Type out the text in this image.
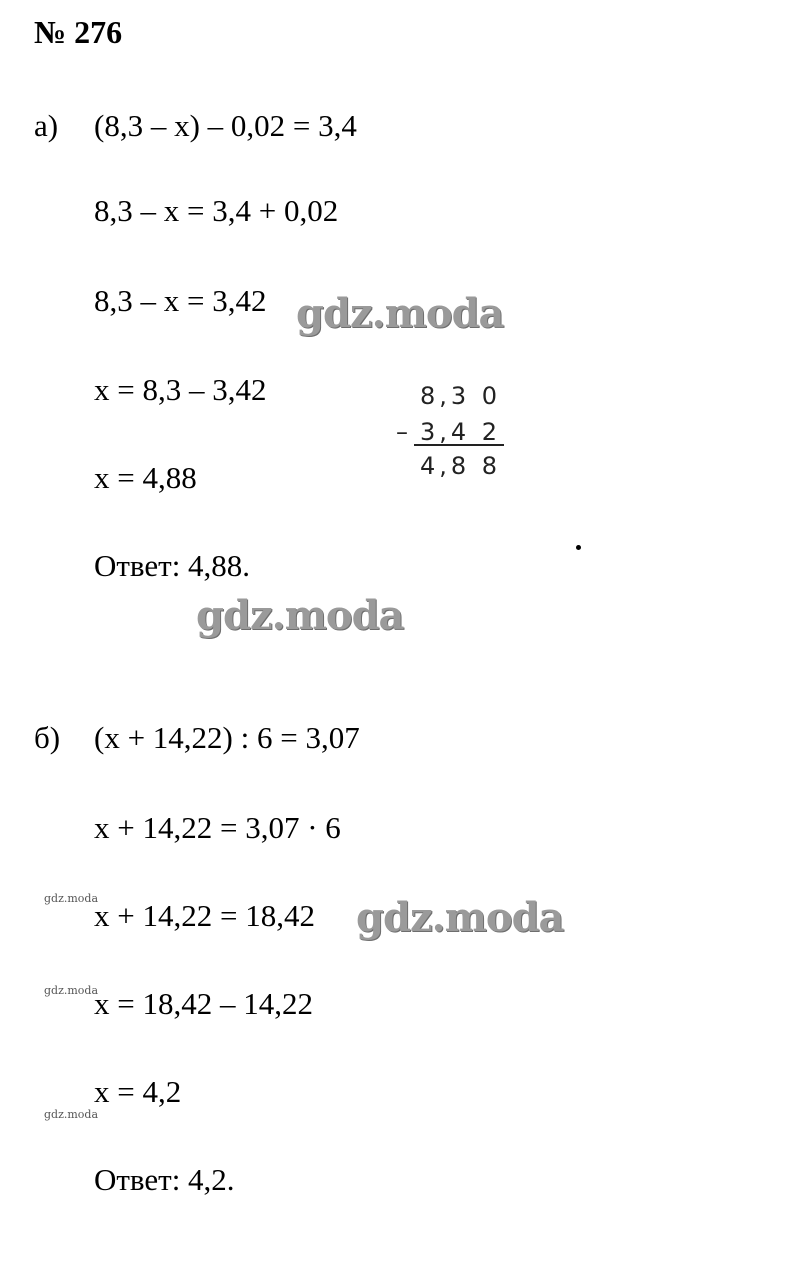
№ 276
а) (8,3 – x) – 0,02 = 3,4
8,3 – x = 3,4 + 0,02
8,3 – x = 3,42
x = 8,3 – 3,42
x = 4,88
Ответ: 4,88.
8,3 0
– 3,4 2
4,8 8
б) (x + 14,22) : 6 = 3,07
x + 14,22 = 3,07 · 6
x + 14,22 = 18,42
x = 18,42 – 14,22
x = 4,2
Ответ: 4,2.
gdz.moda
gdz.moda
gdz.moda
gdz.moda
gdz.moda
gdz.moda
